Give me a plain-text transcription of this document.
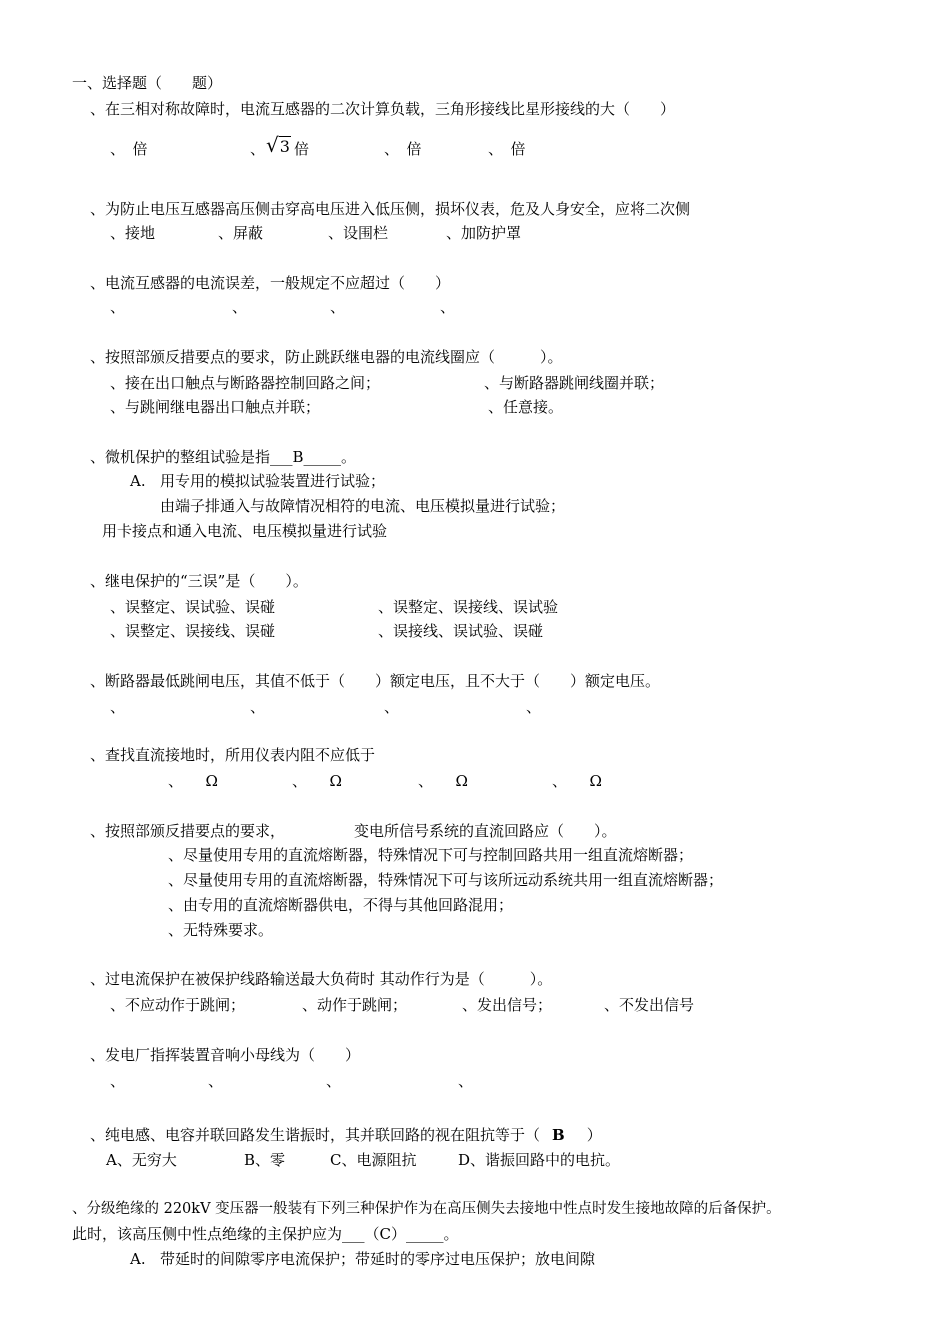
一、选择题（　　题）
、在三相对称故障时，电流互感器的二次计算负载，三角形接线比星形接线的大（　　）
、　倍	、 √3 倍	、　倍	、　倍
、为防止电压互感器高压侧击穿高电压进入低压侧，损坏仪表，危及人身安全，应将二次侧
、接地	、屏蔽	、设围栏	、加防护罩
、电流互感器的电流误差，一般规定不应超过（　　）
、	、	、	、
、按照部颁反措要点的要求，防止跳跃继电器的电流线圈应（　　　）。
、接在出口触点与断路器控制回路之间；	、与断路器跳闸线圈并联；
、与跳闸继电器出口触点并联；	、任意接。
、微机保护的整组试验是指___B_____。
A. 用专用的模拟试验装置进行试验；
由端子排通入与故障情况相符的电流、电压模拟量进行试验；
用卡接点和通入电流、电压模拟量进行试验
、继电保护的“三误”是（　　）。
、误整定、误试验、误碰	、误整定、误接线、误试验
、误整定、误接线、误碰	、误接线、误试验、误碰
、断路器最低跳闸电压，其值不低于（　　）额定电压，且不大于（　　）额定电压。
、	、	、	、
、查找直流接地时，所用仪表内阻不应低于
、　　Ω	、　　Ω	、　　Ω	、　　Ω
、按照部颁反措要点的要求，	变电所信号系统的直流回路应（　　）。
、尽量使用专用的直流熔断器，特殊情况下可与控制回路共用一组直流熔断器；
、尽量使用专用的直流熔断器，特殊情况下可与该所远动系统共用一组直流熔断器；
、由专用的直流熔断器供电，不得与其他回路混用；
、无特殊要求。
、过电流保护在被保护线路输送最大负荷时 其动作行为是（　　　）。
、不应动作于跳闸；	、动作于跳闸；	、发出信号；	、不发出信号
、发电厂指挥装置音响小母线为（　　）
、	、	、	、
、纯电感、电容并联回路发生谐振时，其并联回路的视在阻抗等于（ B ）
A、无穷大	B、零	C、电源阻抗	D、谐振回路中的电抗。
、分级绝缘的 220kV 变压器一般装有下列三种保护作为在高压侧失去接地中性点时发生接地故障的后备保护。
此时，该高压侧中性点绝缘的主保护应为___（C）_____。
A. 带延时的间隙零序电流保护；带延时的零序过电压保护；放电间隙
